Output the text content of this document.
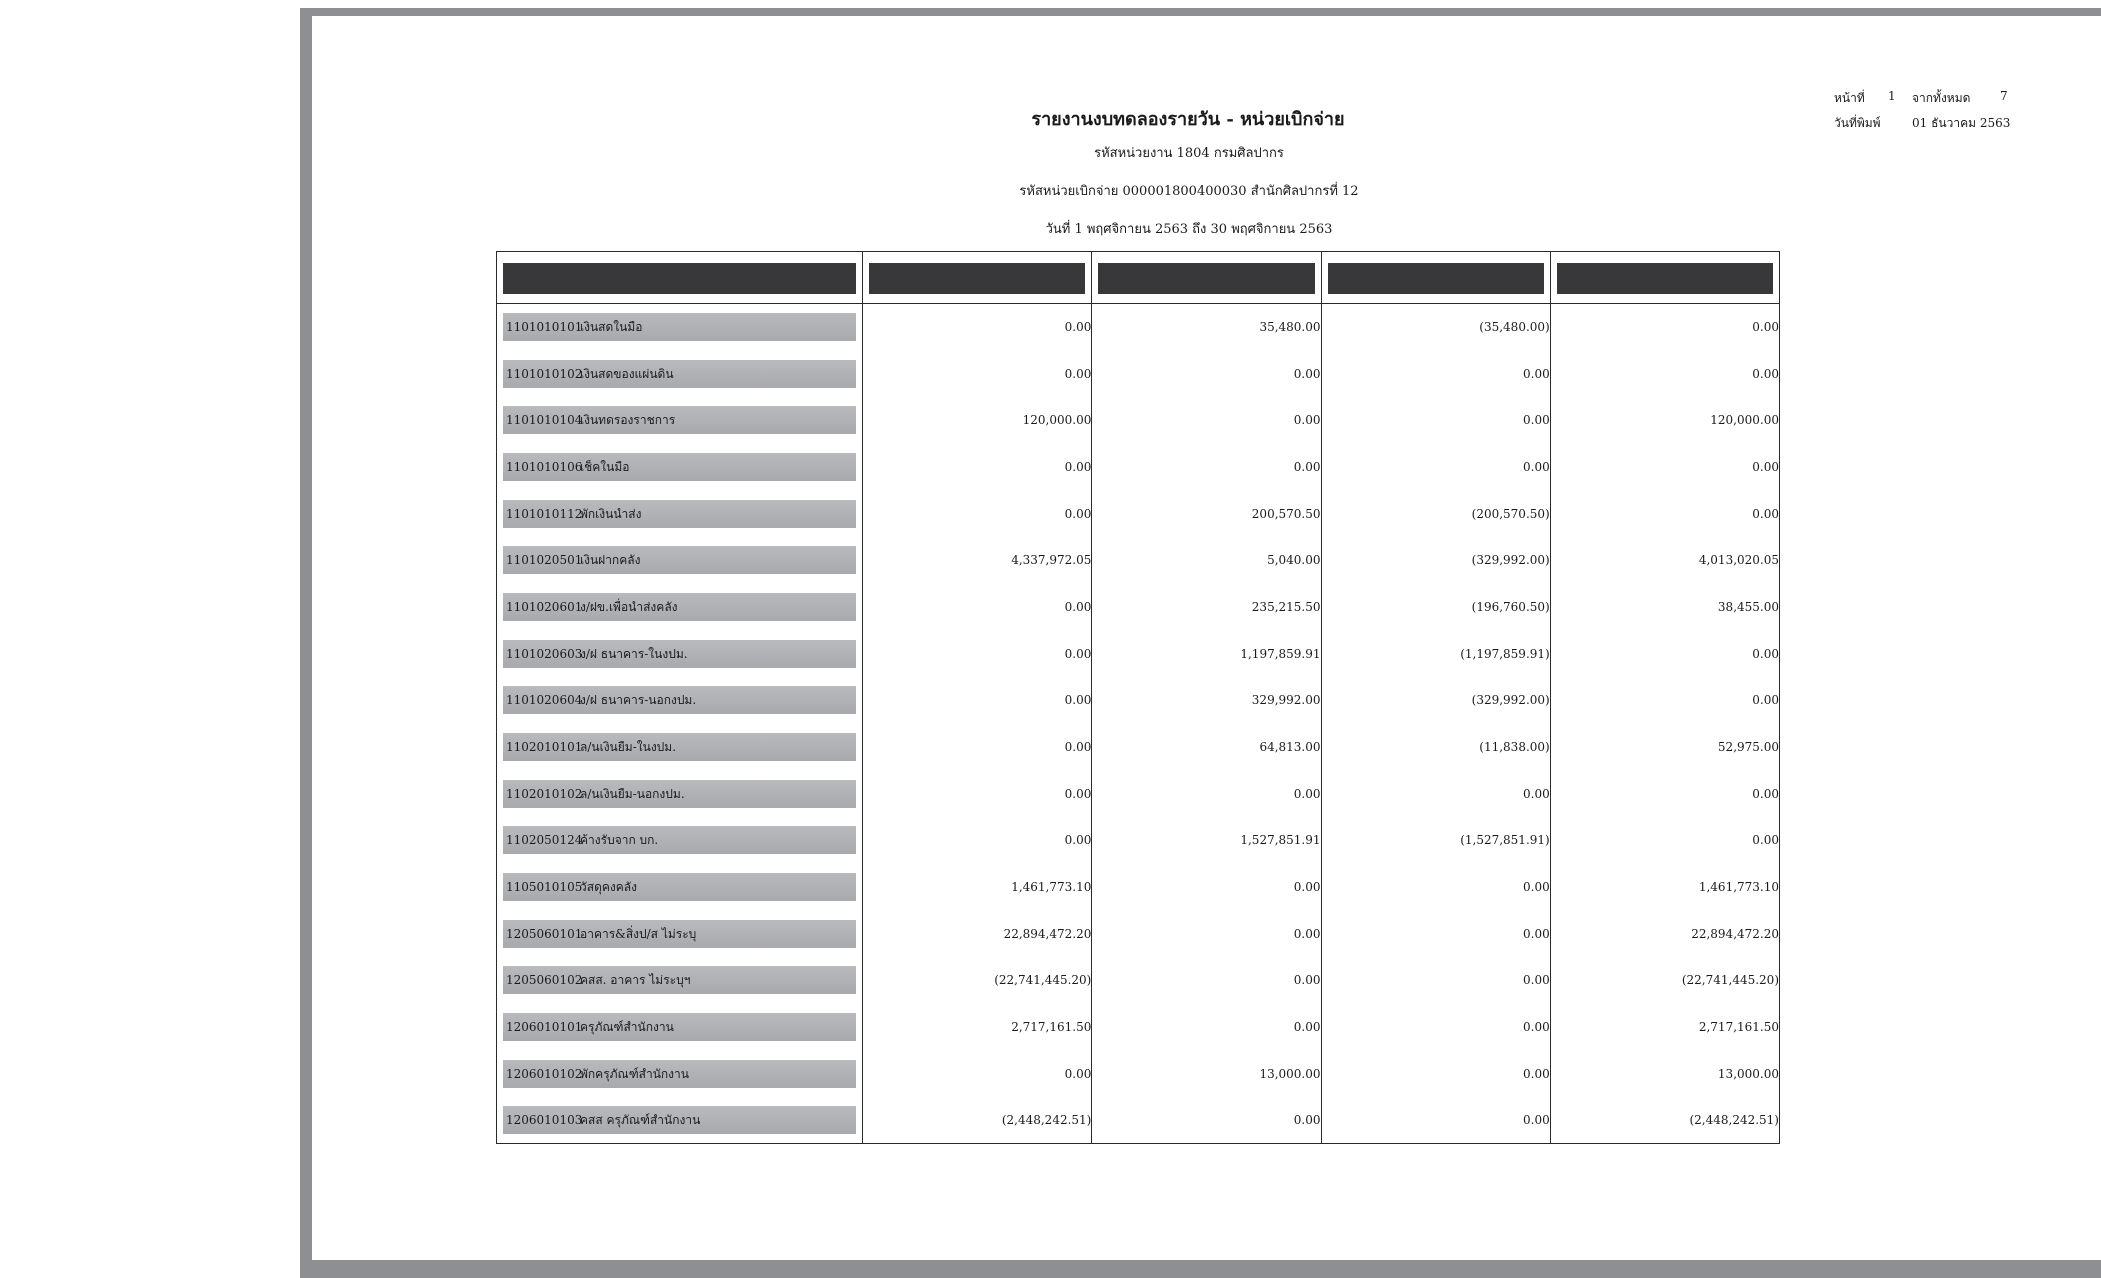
รายงานงบทดลองรายวัน - หน่วยเบิกจ่าย
รหัสหน่วยงาน 1804 กรมศิลปากร
รหัสหน่วยเบิกจ่าย 000001800400030 สำนักศิลปากรที่ 12
วันที่ 1 พฤศจิกายน 2563 ถึง 30 พฤศจิกายน 2563
หน้าที่ 1 จากทั้งหมด 7
วันที่พิมพ์	01 ธันวาคม 2563

1101010101เงินสดในมือ	0.00	35,480.00	(35,480.00)	0.00

1101010102เงินสดของแผ่นดิน	0.00	0.00	0.00	0.00

1101010104เงินทดรองราชการ	120,000.00	0.00	0.00	120,000.00

1101010106เช็คในมือ	0.00	0.00	0.00	0.00

1101010112พักเงินนำส่ง	0.00	200,570.50	(200,570.50)	0.00

1101020501เงินฝากคลัง	4,337,972.05	5,040.00	(329,992.00)	4,013,020.05

1101020601ง/ฝข.เพื่อนำส่งคลัง	0.00	235,215.50	(196,760.50)	38,455.00

1101020603ง/ฝ ธนาคาร-ในงปม.	0.00	1,197,859.91	(1,197,859.91)	0.00

1101020604ง/ฝ ธนาคาร-นอกงปม.	0.00	329,992.00	(329,992.00)	0.00

1102010101ล/นเงินยืม-ในงปม.	0.00	64,813.00	(11,838.00)	52,975.00

1102010102ล/นเงินยืม-นอกงปม.	0.00	0.00	0.00	0.00

1102050124ค้างรับจาก บก.	0.00	1,527,851.91	(1,527,851.91)	0.00

1105010105วัสดุคงคลัง	1,461,773.10	0.00	0.00	1,461,773.10

1205060101อาคาร&สิ่งป/ส ไม่ระบุ	22,894,472.20	0.00	0.00	22,894,472.20

1205060102คสส. อาคาร ไม่ระบุฯ	(22,741,445.20)	0.00	0.00	(22,741,445.20)

1206010101ครุภัณฑ์สำนักงาน	2,717,161.50	0.00	0.00	2,717,161.50

1206010102พักครุภัณฑ์สำนักงาน	0.00	13,000.00	0.00	13,000.00

1206010103คสส ครุภัณฑ์สำนักงาน	(2,448,242.51)	0.00	0.00	(2,448,242.51)
